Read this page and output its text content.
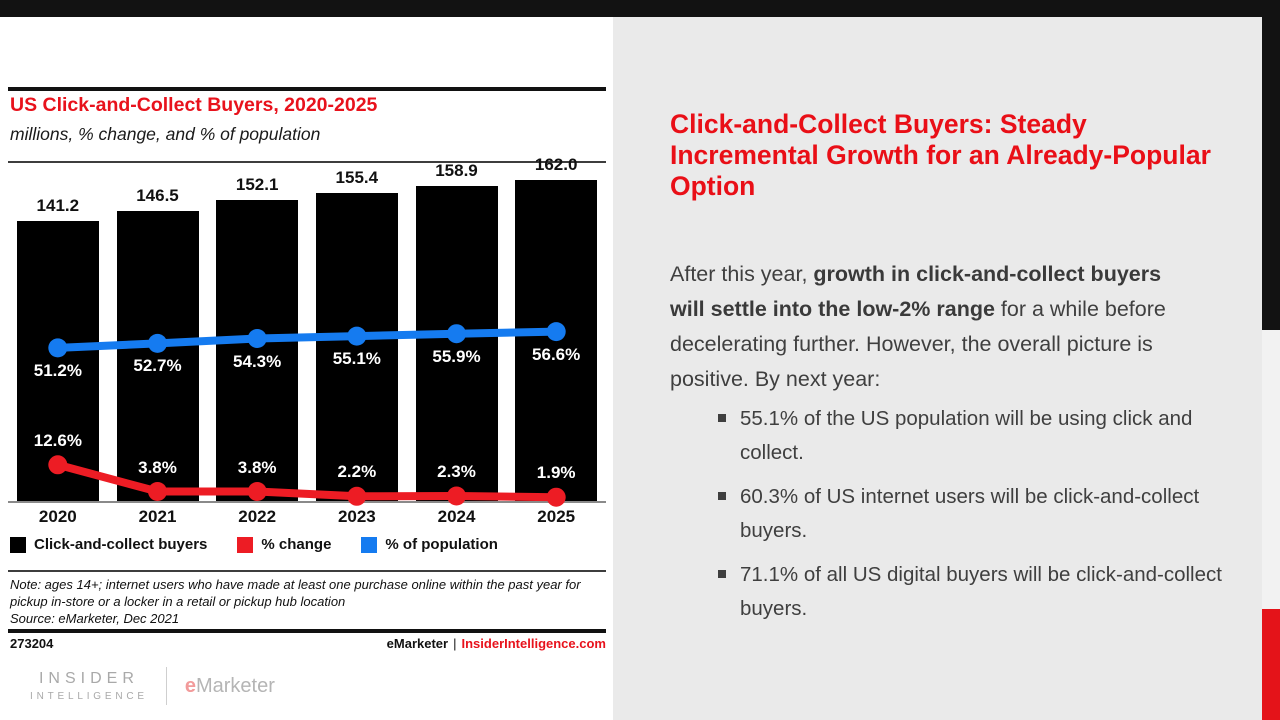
US Click-and-Collect Buyers, 2020-2025
millions, % change, and % of population
141.2
146.5
152.1	155.4	158.9	162.0
12.6%
3.8%	3.8%	2.2%	2.3%	1.9%
51.2%	52.7%	54.3%	55.1%	55.9%	56.6%
2020	2021	2022	2023	2024	2025
Click-and-collect buyers	% change	% of population
Note: ages 14+; internet users who have made at least one purchase online within the past year for pickup in-store or a locker in a retail or pickup hub location
Source: eMarketer, Dec 2021
273204	eMarketer | InsiderIntelligence.com
INSIDER
INTELLIGENCE eMarketer
Click-and-Collect Buyers: Steady Incremental Growth for an Already-Popular Option
After this year, growth in click-and-collect buyers will settle into the low-2% range for a while before decelerating further. However, the overall picture is positive. By next year:
55.1% of the US population will be using click and collect.
60.3% of US internet users will be click-and-collect buyers.
71.1% of all US digital buyers will be click-and-collect buyers.
